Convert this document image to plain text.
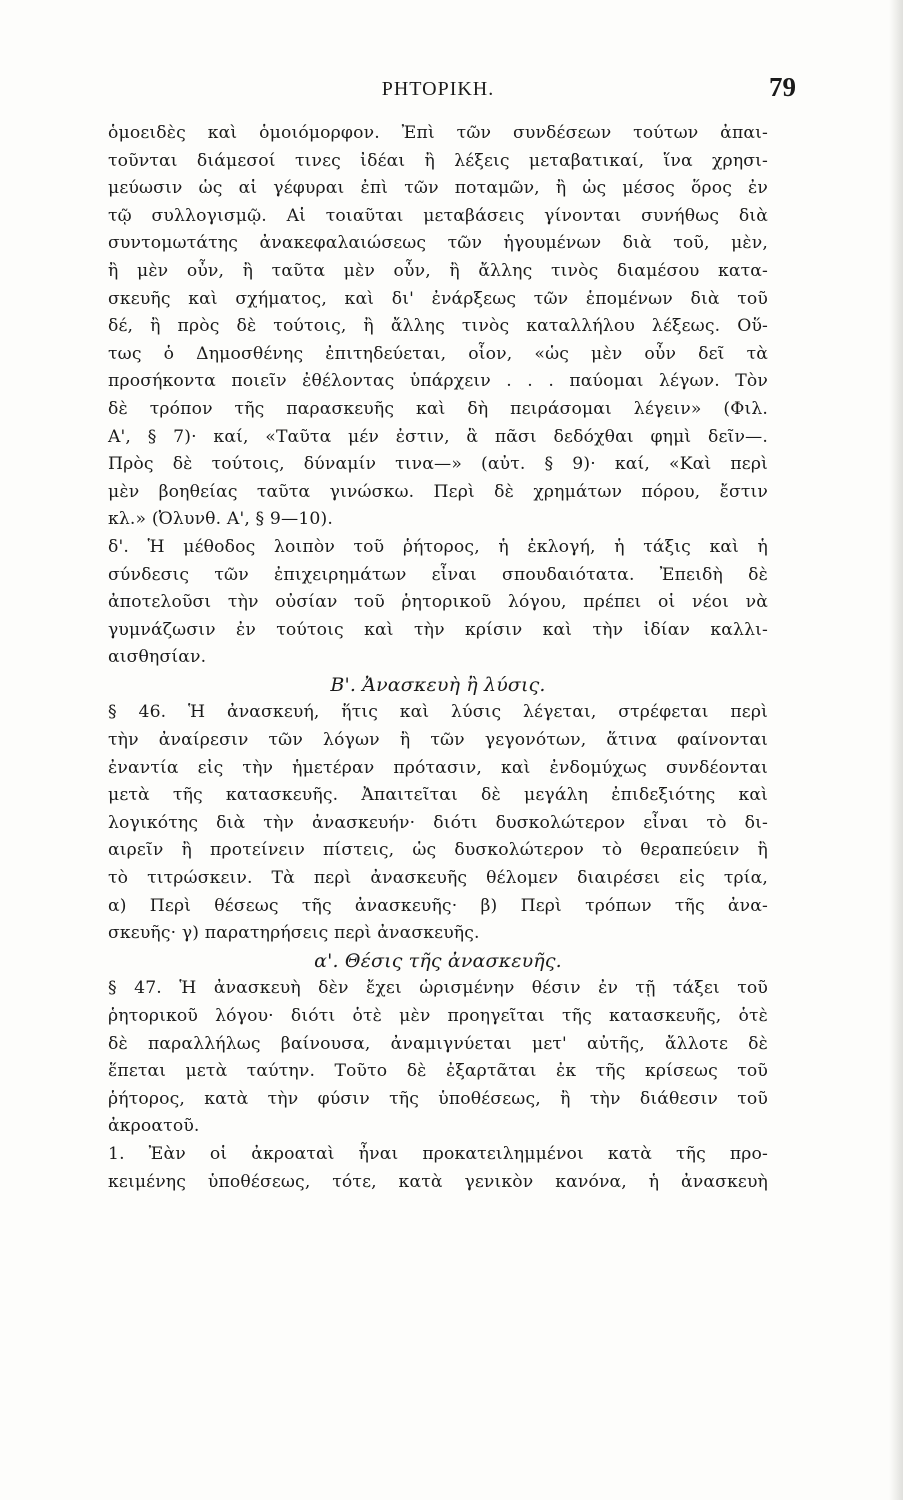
ΡΗΤΟΡΙΚΗ.	79
ὁμοειδὲς καὶ ὁμοιόμορφον. Ἐπὶ τῶν συνδέσεων τούτων ἀπαι-
τοῦνται διάμεσοί τινες ἰδέαι ἢ λέξεις μεταβατικαί, ἵνα χρησι-
μεύωσιν ὡς αἱ γέφυραι ἐπὶ τῶν ποταμῶν, ἢ ὡς μέσος ὅρος ἐν
τῷ συλλογισμῷ. Αἱ τοιαῦται μεταβάσεις γίνονται συνήθως διὰ
συντομωτάτης ἀνακεφαλαιώσεως τῶν ἡγουμένων διὰ τοῦ, μὲν,
ἢ μὲν οὖν, ἢ ταῦτα μὲν οὖν, ἢ ἄλλης τινὸς διαμέσου κατα-
σκευῆς καὶ σχήματος, καὶ δι' ἐνάρξεως τῶν ἑπομένων διὰ τοῦ
δέ, ἢ πρὸς δὲ τούτοις, ἢ ἄλλης τινὸς καταλλήλου λέξεως. Οὕ-
τως ὁ Δημοσθένης ἐπιτηδεύεται, οἷον, «ὡς μὲν οὖν δεῖ τὰ
προσήκοντα ποιεῖν ἐθέλοντας ὑπάρχειν . . . παύομαι λέγων. Τὸν
δὲ τρόπον τῆς παρασκευῆς καὶ δὴ πειράσομαι λέγειν» (Φιλ.
Α', § 7)· καί, «Ταῦτα μέν ἐστιν, ἃ πᾶσι δεδόχθαι φημὶ δεῖν—.
Πρὸς δὲ τούτοις, δύναμίν τινα—» (αὐτ. § 9)· καί, «Καὶ περὶ
μὲν βοηθείας ταῦτα γινώσκω. Περὶ δὲ χρημάτων πόρου, ἔστιν
κλ.» (Ὀλυνθ. Α', § 9—10).
δ'. Ἡ μέθοδος λοιπὸν τοῦ ῥήτορος, ἡ ἐκλογή, ἡ τάξις καὶ ἡ
σύνδεσις τῶν ἐπιχειρημάτων εἶναι σπουδαιότατα. Ἐπειδὴ δὲ
ἀποτελοῦσι τὴν οὐσίαν τοῦ ῥητορικοῦ λόγου, πρέπει οἱ νέοι νὰ
γυμνάζωσιν ἐν τούτοις καὶ τὴν κρίσιν καὶ τὴν ἰδίαν καλλι-
αισθησίαν.
Β'. Ἀνασκευὴ ἢ λύσις.
§ 46. Ἡ ἀνασκευή, ἥτις καὶ λύσις λέγεται, στρέφεται περὶ
τὴν ἀναίρεσιν τῶν λόγων ἢ τῶν γεγονότων, ἅτινα φαίνονται
ἐναντία εἰς τὴν ἡμετέραν πρότασιν, καὶ ἐνδομύχως συνδέονται
μετὰ τῆς κατασκευῆς. Ἀπαιτεῖται δὲ μεγάλη ἐπιδεξιότης καὶ
λογικότης διὰ τὴν ἀνασκευήν· διότι δυσκολώτερον εἶναι τὸ δι-
αιρεῖν ἢ προτείνειν πίστεις, ὡς δυσκολώτερον τὸ θεραπεύειν ἢ
τὸ τιτρώσκειν. Τὰ περὶ ἀνασκευῆς θέλομεν διαιρέσει εἰς τρία,
α) Περὶ θέσεως τῆς ἀνασκευῆς· β) Περὶ τρόπων τῆς ἀνα-
σκευῆς· γ) παρατηρήσεις περὶ ἀνασκευῆς.
α'. Θέσις τῆς ἀνασκευῆς.
§ 47. Ἡ ἀνασκευὴ δὲν ἔχει ὡρισμένην θέσιν ἐν τῇ τάξει τοῦ
ῥητορικοῦ λόγου· διότι ὁτὲ μὲν προηγεῖται τῆς κατασκευῆς, ὁτὲ
δὲ παραλλήλως βαίνουσα, ἀναμιγνύεται μετ' αὐτῆς, ἄλλοτε δὲ
ἕπεται μετὰ ταύτην. Τοῦτο δὲ ἐξαρτᾶται ἐκ τῆς κρίσεως τοῦ
ῥήτορος, κατὰ τὴν φύσιν τῆς ὑποθέσεως, ἢ τὴν διάθεσιν τοῦ
ἀκροατοῦ.
1. Ἐὰν οἱ ἀκροαταὶ ἦναι προκατειλημμένοι κατὰ τῆς προ-
κειμένης ὑποθέσεως, τότε, κατὰ γενικὸν κανόνα, ἡ ἀνασκευὴ
